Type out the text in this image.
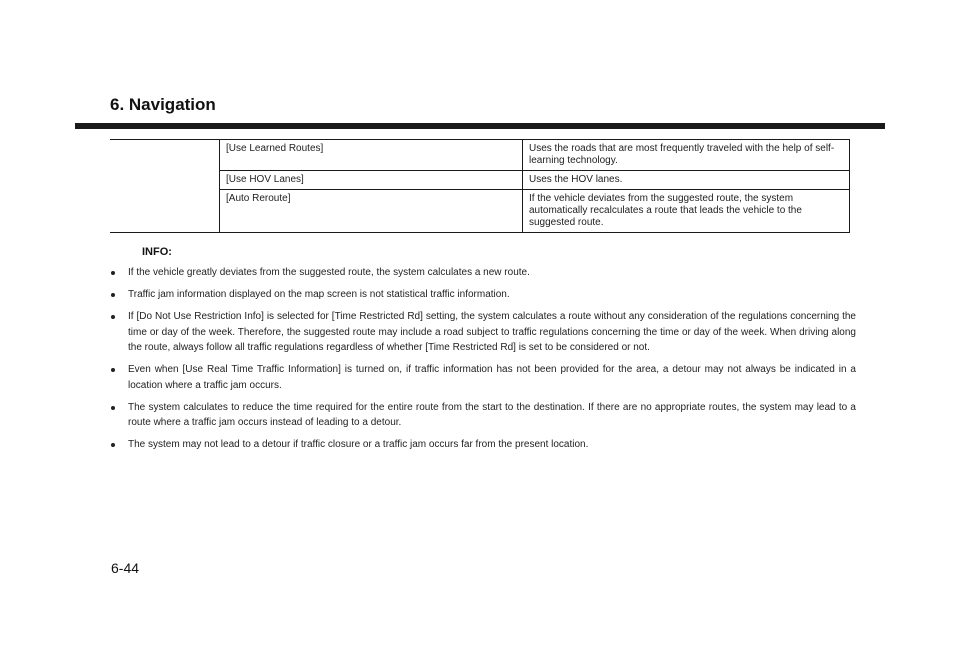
6. Navigation
	[Use Learned Routes]	Uses the roads that are most frequently traveled with the help of self-learning technology.
	[Use HOV Lanes]	Uses the HOV lanes.
	[Auto Reroute]	If the vehicle deviates from the suggested route, the system automatically recalculates a route that leads the vehicle to the suggested route.
INFO:
If the vehicle greatly deviates from the suggested route, the system calculates a new route.
Traffic jam information displayed on the map screen is not statistical traffic information.
If [Do Not Use Restriction Info] is selected for [Time Restricted Rd] setting, the system calculates a route without any consideration of the regulations concerning the time or day of the week. Therefore, the suggested route may include a road subject to traffic regulations concerning the time or day of the week. When driving along the route, always follow all traffic regulations regardless of whether [Time Restricted Rd] is set to be considered or not.
Even when [Use Real Time Traffic Information] is turned on, if traffic information has not been provided for the area, a detour may not always be indicated in a location where a traffic jam occurs.
The system calculates to reduce the time required for the entire route from the start to the destination. If there are no appropriate routes, the system may lead to a route where a traffic jam occurs instead of leading to a detour.
The system may not lead to a detour if traffic closure or a traffic jam occurs far from the present location.
6-44
